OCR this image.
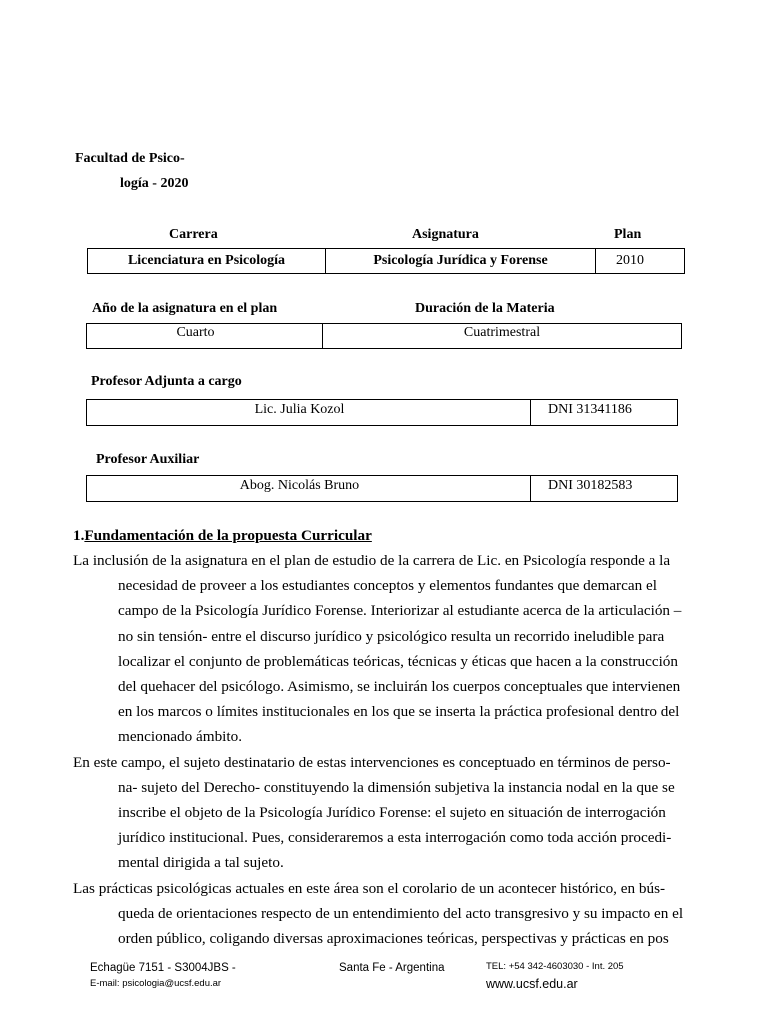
Facultad de Psico-
logía - 2020
Carrera	Asignatura	Plan
Licenciatura en Psicología	Psicología Jurídica y Forense	2010
Año de la asignatura en el plan	Duración de la Materia
Cuarto	Cuatrimestral
Profesor Adjunta a cargo
Lic. Julia Kozol	DNI 31341186
Profesor Auxiliar
Abog. Nicolás Bruno	DNI 30182583
1.Fundamentación de la propuesta Curricular
La inclusión de la asignatura en el plan de estudio de la carrera de Lic. en Psicología responde a la
necesidad de proveer a los estudiantes conceptos y elementos fundantes que demarcan el
campo de la Psicología Jurídico Forense. Interiorizar al estudiante acerca de la articulación –
no sin tensión- entre el discurso jurídico y psicológico resulta un recorrido ineludible para
localizar el conjunto de problemáticas teóricas, técnicas y éticas que hacen a la construcción
del quehacer del psicólogo. Asimismo, se incluirán los cuerpos conceptuales que intervienen
en los marcos o límites institucionales en los que se inserta la práctica profesional dentro del
mencionado ámbito.
En este campo, el sujeto destinatario de estas intervenciones es conceptuado en términos de perso-
na- sujeto del Derecho- constituyendo la dimensión subjetiva la instancia nodal en la que se
inscribe el objeto de la Psicología Jurídico Forense: el sujeto en situación de interrogación
jurídico institucional. Pues, consideraremos a esta interrogación como toda acción procedi-
mental dirigida a tal sujeto.
Las prácticas psicológicas actuales en este área son el corolario de un acontecer histórico, en bús-
queda de orientaciones respecto de un entendimiento del acto transgresivo y su impacto en el
orden público, coligando diversas aproximaciones teóricas, perspectivas y prácticas en pos
Echagüe 7151 - S3004JBS -
E-mail: psicologia@ucsf.edu.ar
Santa Fe - Argentina	TEL: +54 342-4603030 - Int. 205
www.ucsf.edu.ar
